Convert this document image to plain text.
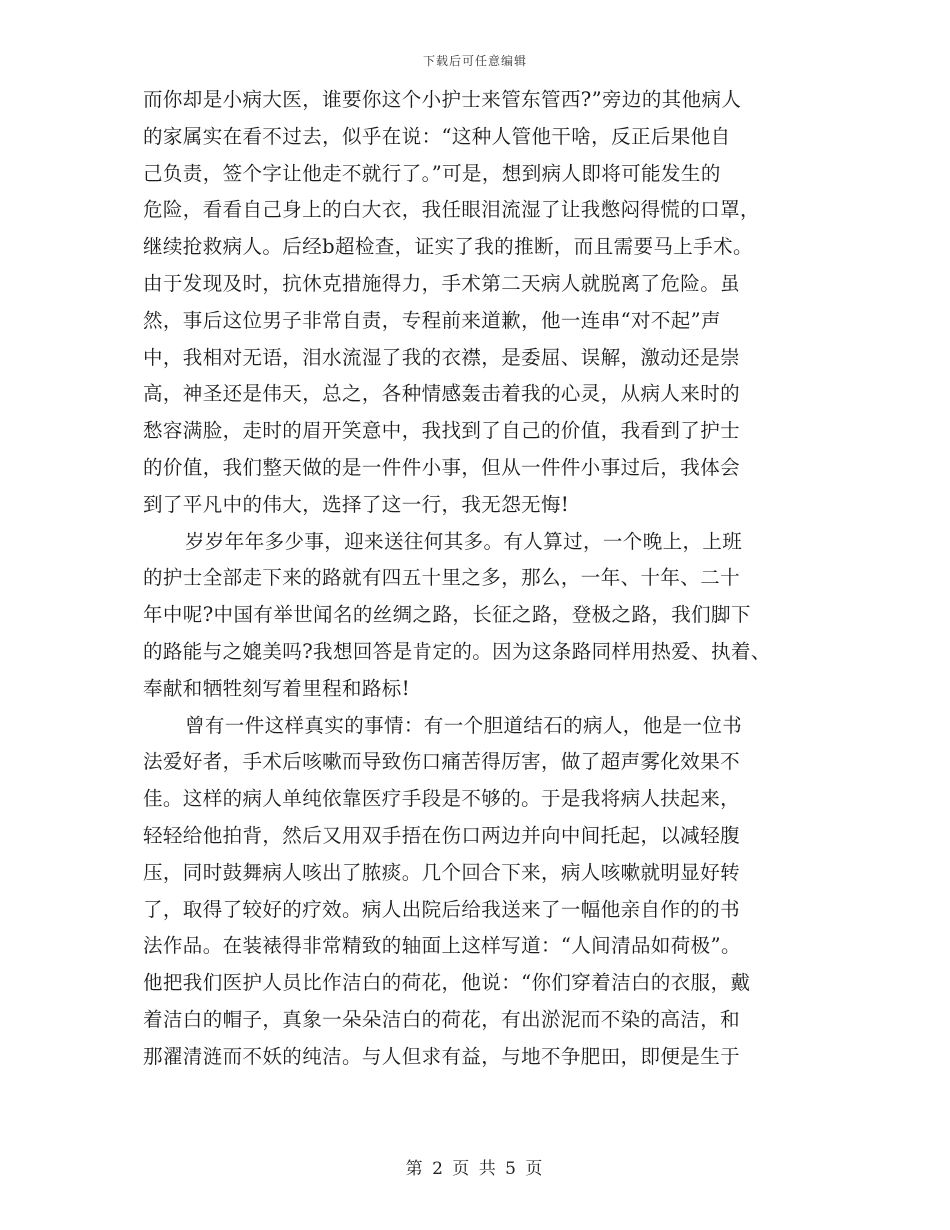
下载后可任意编辑
而你却是小病大医，谁要你这个小护士来管东管西?”旁边的其他病人
的家属实在看不过去，似乎在说：“这种人管他干啥，反正后果他自
己负责，签个字让他走不就行了。”可是，想到病人即将可能发生的
危险，看看自己身上的白大衣，我任眼泪流湿了让我憋闷得慌的口罩，
继续抢救病人。后经b超检查，证实了我的推断，而且需要马上手术。
由于发现及时，抗休克措施得力，手术第二天病人就脱离了危险。虽
然，事后这位男子非常自责，专程前来道歉，他一连串“对不起”声
中，我相对无语，泪水流湿了我的衣襟，是委屈、误解，激动还是崇
高，神圣还是伟天，总之，各种情感轰击着我的心灵，从病人来时的
愁容满脸，走时的眉开笑意中，我找到了自己的价值，我看到了护士
的价值，我们整天做的是一件件小事，但从一件件小事过后，我体会
到了平凡中的伟大，选择了这一行，我无怨无悔!
岁岁年年多少事，迎来送往何其多。有人算过，一个晚上，上班
的护士全部走下来的路就有四五十里之多，那么，一年、十年、二十
年中呢?中国有举世闻名的丝绸之路，长征之路，登极之路，我们脚下
的路能与之媲美吗?我想回答是肯定的。因为这条路同样用热爱、执着、
奉献和牺牲刻写着里程和路标!
曾有一件这样真实的事情：有一个胆道结石的病人，他是一位书
法爱好者，手术后咳嗽而导致伤口痛苦得厉害，做了超声雾化效果不
佳。这样的病人单纯依靠医疗手段是不够的。于是我将病人扶起来，
轻轻给他拍背，然后又用双手捂在伤口两边并向中间托起，以减轻腹
压，同时鼓舞病人咳出了脓痰。几个回合下来，病人咳嗽就明显好转
了，取得了较好的疗效。病人出院后给我送来了一幅他亲自作的的书
法作品。在装裱得非常精致的轴面上这样写道：“人间清品如荷极”。
他把我们医护人员比作洁白的荷花，他说：“你们穿着洁白的衣服，戴
着洁白的帽子，真象一朵朵洁白的荷花，有出淤泥而不染的高洁，和
那濯清涟而不妖的纯洁。与人但求有益，与地不争肥田，即便是生于
第 2 页 共 5 页
